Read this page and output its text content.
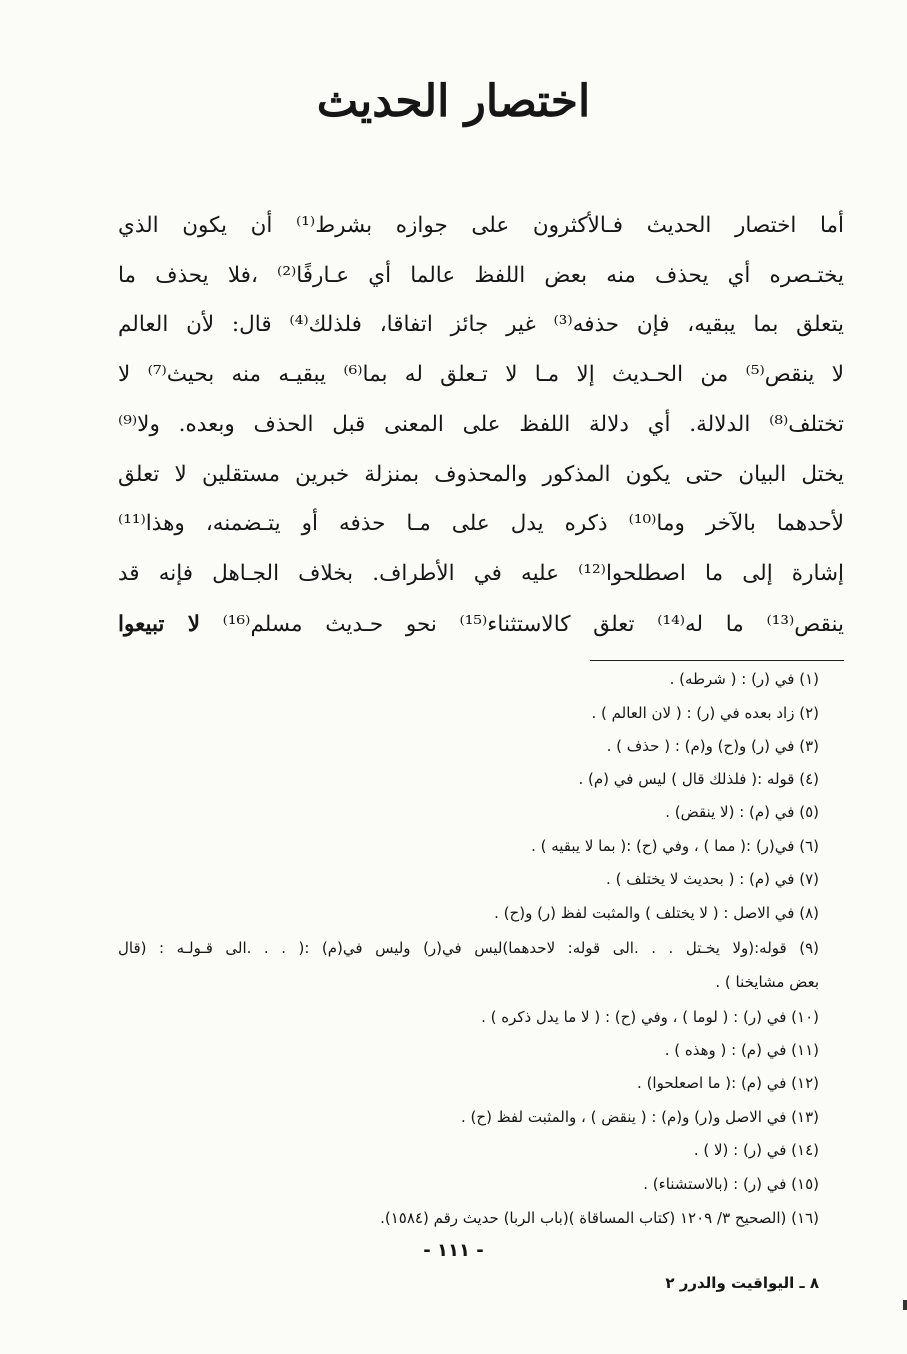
اختصار الحديث
أما اختصار الحديث فـالأكثرون على جوازه بشرط⁽¹⁾ أن يكون الذي
يختـصره أي يحذف منه بعض اللفظ عالما أي عـارفًا⁽²⁾ ،فلا يحذف ما
يتعلق بما يبقيه، فإن حذفه⁽³⁾ غير جائز اتفاقا، فلذلك⁽⁴⁾ قال: لأن العالم
لا ينقص⁽⁵⁾ من الحـديث إلا مـا لا تـعلق له بما⁽⁶⁾ يبقيـه منه بحيث⁽⁷⁾ لا
تختلف⁽⁸⁾ الدلالة. أي دلالة اللفظ على المعنى قبل الحذف وبعده. ولا⁽⁹⁾
يختل البيان حتى يكون المذكور والمحذوف بمنزلة خبرين مستقلين لا تعلق
لأحدهما بالآخر وما⁽¹⁰⁾ ذكره يدل على مـا حذفه أو يتـضمنه، وهذا⁽¹¹⁾
إشارة إلى ما اصطلحوا⁽¹²⁾ عليه في الأطراف. بخلاف الجـاهل فإنه قد
ينقص⁽¹³⁾ ما له⁽¹⁴⁾ تعلق كالاستثناء⁽¹⁵⁾ نحو حـديث مسلم⁽¹⁶⁾ لا تبيعوا
(١) في (ر) : ( شرطه) .
(٢) زاد بعده في (ر) : ( لان العالم ) .
(٣) في (ر) و(ح) و(م) : ( حذف ) .
(٤) قوله :( فلذلك قال ) ليس في (م) .
(٥) في (م) : (لا ينقض) .
(٦) في(ر) :( مما ) ، وفي (ح) :( بما لا يبقيه ) .
(٧) في (م) : ( بحديث لا يختلف ) .
(٨) في الاصل : ( لا يختلف ) والمثبت لفظ (ر) و(ح) .
(٩) قوله:(ولا يخـتل . . .الى قوله: لاحدهما)ليس في(ر) وليس في(م) :( . . .الى قـولـه : (قال
بعض مشايخنا ) .
(١٠) في (ر) : ( لوما ) ، وفي (ح) : ( لا ما يدل ذكره ) .
(١١) في (م) : ( وهذه ) .
(١٢) في (م) :( ما اصعلحوا) .
(١٣) في الاصل و(ر) و(م) : ( ينقض ) ، والمثبت لفظ (ح) .
(١٤) في (ر) : (لا ) .
(١٥) في (ر) : (بالاستشناء) .
(١٦) (الصحيح ٣/ ١٢٠٩ (كتاب المساقاة )(باب الربا) حديث رقم (١٥٨٤).
- ١١١ -
٨ ـ اليواقيت والدرر ٢
